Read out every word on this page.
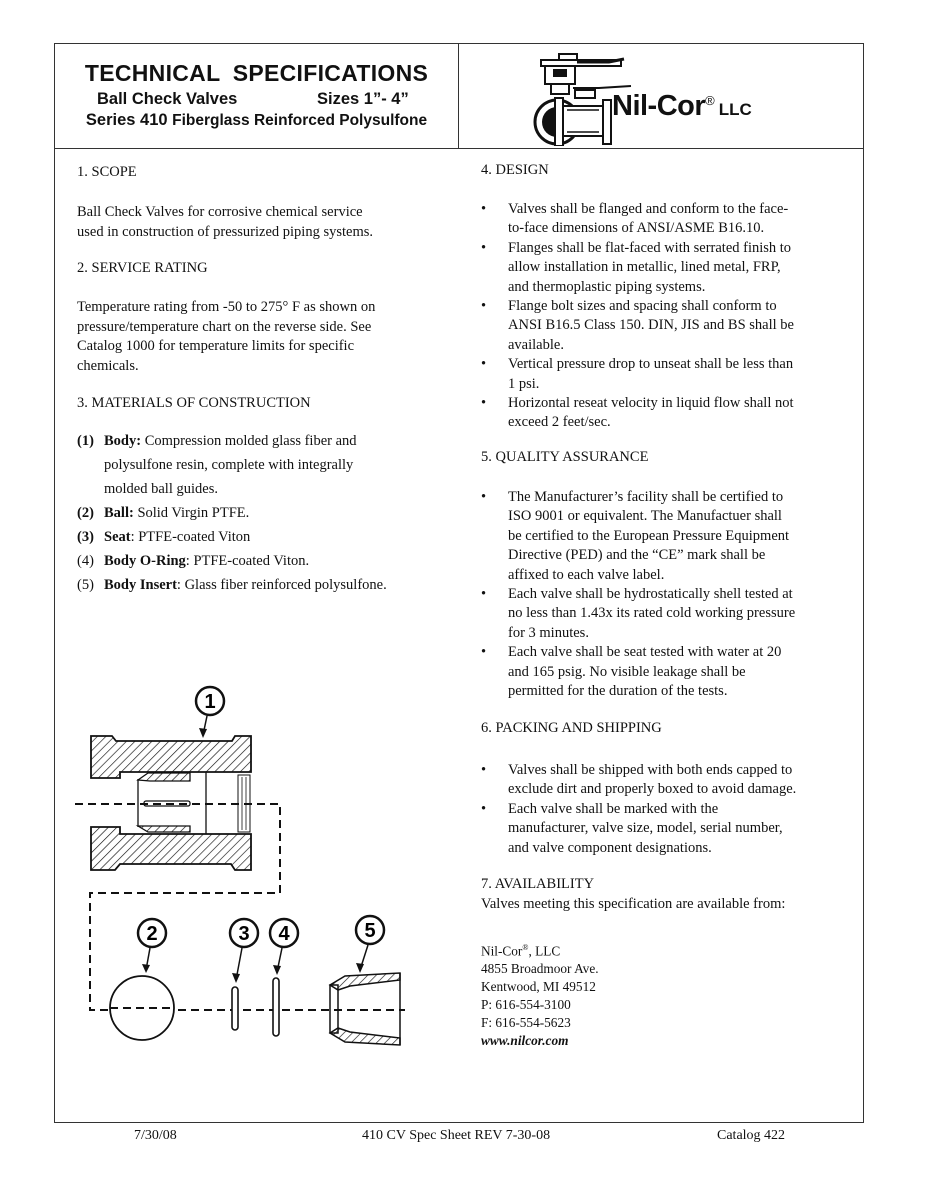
TECHNICAL SPECIFICATIONS
Ball Check Valves	Sizes 1”- 4”
Series 410 Fiberglass Reinforced Polysulfone	Nil-Cor® LLC
1. SCOPE
Ball Check Valves for corrosive chemical service
used in construction of pressurized piping systems.
2. SERVICE RATING
Temperature rating from -50 to 275° F as shown on
pressure/temperature chart on the reverse side. See
Catalog 1000 for temperature limits for specific
chemicals.
3. MATERIALS OF CONSTRUCTION
(1) Body: Compression molded glass fiber and
polysulfone resin, complete with integrally
molded ball guides.
(2) Ball: Solid Virgin PTFE.
(3) Seat: PTFE-coated Viton
(4) Body O-Ring: PTFE-coated Viton.
(5) Body Insert: Glass fiber reinforced polysulfone.
1
2	3 4	5
4. DESIGN
• Valves shall be flanged and conform to the face-
to-face dimensions of ANSI/ASME B16.10.
• Flanges shall be flat-faced with serrated finish to
allow installation in metallic, lined metal, FRP,
and thermoplastic piping systems.
• Flange bolt sizes and spacing shall conform to
ANSI B16.5 Class 150. DIN, JIS and BS shall be
available.
• Vertical pressure drop to unseat shall be less than
1 psi.
• Horizontal reseat velocity in liquid flow shall not
exceed 2 feet/sec.
5. QUALITY ASSURANCE
• The Manufacturer’s facility shall be certified to
ISO 9001 or equivalent. The Manufactuer shall
be certified to the European Pressure Equipment
Directive (PED) and the “CE” mark shall be
affixed to each valve label.
• Each valve shall be hydrostatically shell tested at
no less than 1.43x its rated cold working pressure
for 3 minutes.
• Each valve shall be seat tested with water at 20
and 165 psig. No visible leakage shall be
permitted for the duration of the tests.
6. PACKING AND SHIPPING
• Valves shall be shipped with both ends capped to
exclude dirt and properly boxed to avoid damage.
• Each valve shall be marked with the
manufacturer, valve size, model, serial number,
and valve component designations.
7. AVAILABILITY
Valves meeting this specification are available from:
Nil-Cor®, LLC
4855 Broadmoor Ave.
Kentwood, MI 49512
P: 616-554-3100
F: 616-554-5623
www.nilcor.com
7/30/08	410 CV Spec Sheet REV 7-30-08	Catalog 422
